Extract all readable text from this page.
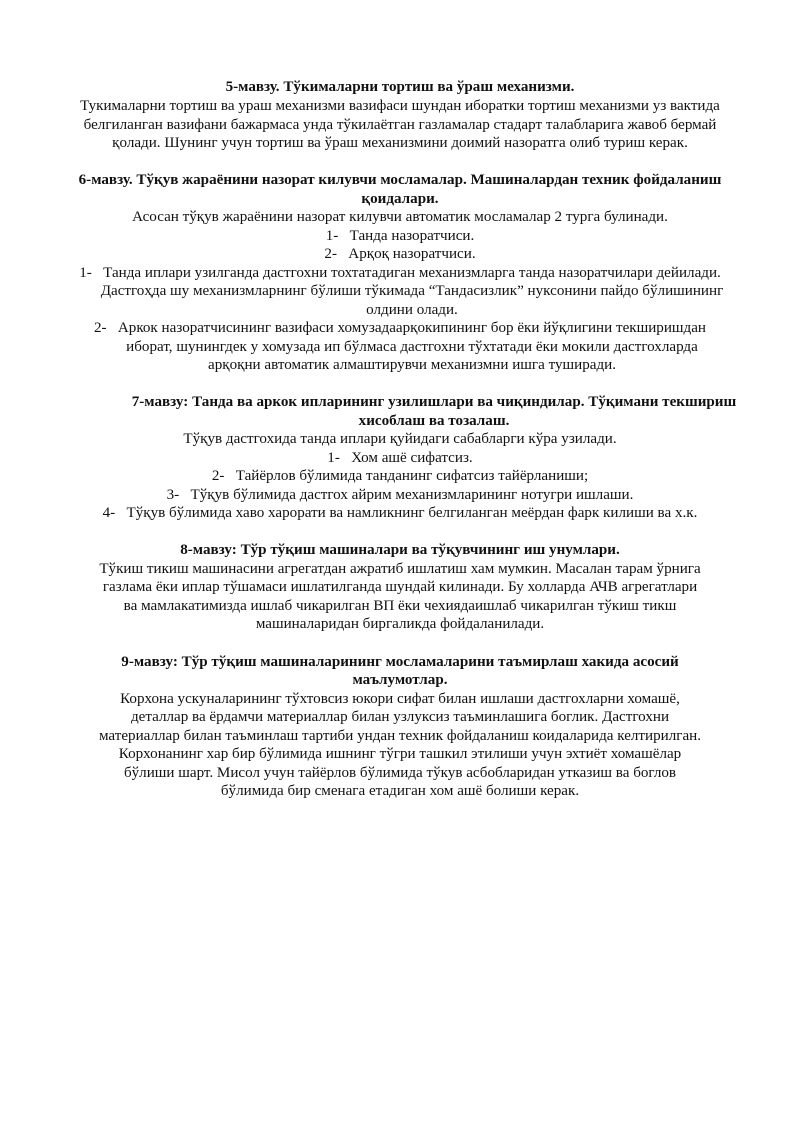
5-мавзу. Тўкималарни тортиш ва ўраш механизми.
Тукималарни тортиш ва ураш механизми вазифаси шундан иборатки тортиш механизми уз вактида
белгиланган вазифани бажармаса унда тўкилаётган газламалар стадарт талабларига жавоб бермай
қолади. Шунинг учун тортиш ва ўраш механизмини доимий назоратга олиб туриш керак.
6-мавзу. Тўқув жараёнини назорат килувчи мосламалар. Машиналардан техник фойдаланиш
қоидалари.
Асосан тўқув жараёнини назорат килувчи автоматик мосламалар 2 турга булинади.
1- Танда назоратчиси.
2- Арқоқ назоратчиси.
1- Танда иплари узилганда дастгохни тохтатадиган механизмларга танда назоратчилари дейилади.
Дастгоҳда шу механизмларнинг бўлиши тўкимада “Тандасизлик” нуксонини пайдо бўлишининг
олдини олади.
2- Аркок назоратчисининг вазифаси хомузадаарқокипининг бор ёки йўқлигини текширишдан
иборат, шунингдек у хомузада ип бўлмаса дастгохни тўхтатади ёки мокили дастгохларда
арқоқни автоматик алмаштирувчи механизмни ишга туширади.
7-мавзу: Танда ва аркок ипларининг узилишлари ва чиқиндилар. Тўқимани текшириш
хисоблаш ва тозалаш.
Тўқув дастгохида танда иплари қуйидаги сабабларги кўра узилади.
1- Хом ашё сифатсиз.
2- Тайёрлов бўлимида танданинг сифатсиз тайёрланиши;
3- Тўқув бўлимида дастгох айрим механизмларининг нотугри ишлаши.
4- Тўқув бўлимида хаво харорати ва намликнинг белгиланган меёрдан фарк килиши ва х.к.
8-мавзу: Тўр тўқиш машиналари ва тўқувчининг иш унумлари.
Тўкиш тикиш машинасини агрегатдан ажратиб ишлатиш хам мумкин. Масалан тарам ўрнига
газлама ёки иплар тўшамаси ишлатилганда шундай килинади. Бу холларда АЧВ агрегатлари
ва мамлакатимизда ишлаб чикарилган ВП ёки чехиядаишлаб чикарилган тўкиш тикш
машиналаридан биргаликда фойдаланилади.
9-мавзу: Тўр тўқиш машиналарининг мосламаларини таъмирлаш хакида асосий
маълумотлар.
Корхона ускуналарининг тўхтовсиз юкори сифат билан ишлаши дастгохларни хомашё,
деталлар ва ёрдамчи материаллар билан узлуксиз таъминлашига боглик. Дастгохни
материаллар билан таъминлаш тартиби ундан техник фойдаланиш коидаларида келтирилган.
Корхонанинг хар бир бўлимида ишнинг тўгри ташкил этилиши учун эхтиёт хомашёлар
бўлиши шарт. Мисол учун тайёрлов бўлимида тўкув асбобларидан утказиш ва боглов
бўлимида бир сменага етадиган хом ашё болиши керак.
